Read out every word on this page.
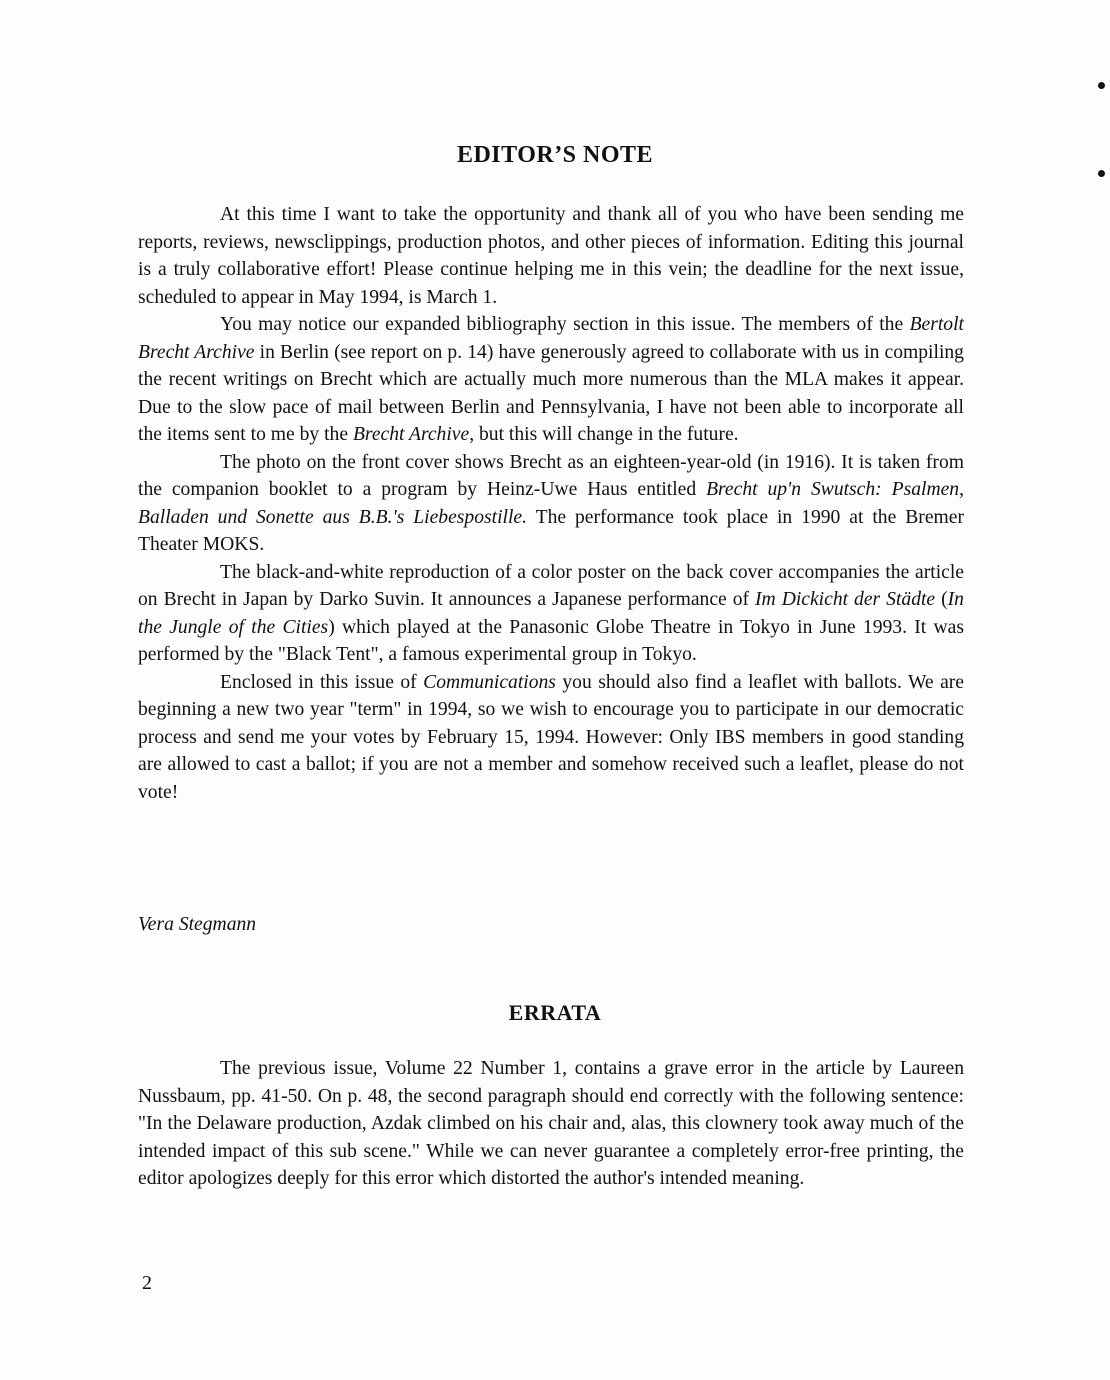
EDITOR’S NOTE

At this time I want to take the opportunity and thank all of you who have been sending me reports, reviews, newsclippings, production photos, and other pieces of information. Editing this journal is a truly collaborative effort! Please continue helping me in this vein; the deadline for the next issue, scheduled to appear in May 1994, is March 1.

You may notice our expanded bibliography section in this issue. The members of the Bertolt Brecht Archive in Berlin (see report on p. 14) have generously agreed to collaborate with us in compiling the recent writings on Brecht which are actually much more numerous than the MLA makes it appear. Due to the slow pace of mail between Berlin and Pennsylvania, I have not been able to incorporate all the items sent to me by the Brecht Archive, but this will change in the future.

The photo on the front cover shows Brecht as an eighteen-year-old (in 1916). It is taken from the companion booklet to a program by Heinz-Uwe Haus entitled Brecht up'n Swutsch: Psalmen, Balladen und Sonette aus B.B.'s Liebespostille. The performance took place in 1990 at the Bremer Theater MOKS.

The black-and-white reproduction of a color poster on the back cover accompanies the article on Brecht in Japan by Darko Suvin. It announces a Japanese performance of Im Dickicht der Städte (In the Jungle of the Cities) which played at the Panasonic Globe Theatre in Tokyo in June 1993. It was performed by the "Black Tent", a famous experimental group in Tokyo.

Enclosed in this issue of Communications you should also find a leaflet with ballots. We are beginning a new two year "term" in 1994, so we wish to encourage you to participate in our democratic process and send me your votes by February 15, 1994. However: Only IBS members in good standing are allowed to cast a ballot; if you are not a member and somehow received such a leaflet, please do not vote!

Vera Stegmann
ERRATA

The previous issue, Volume 22 Number 1, contains a grave error in the article by Laureen Nussbaum, pp. 41-50. On p. 48, the second paragraph should end correctly with the following sentence: "In the Delaware production, Azdak climbed on his chair and, alas, this clownery took away much of the intended impact of this sub scene." While we can never guarantee a completely error-free printing, the editor apologizes deeply for this error which distorted the author's intended meaning.

2
